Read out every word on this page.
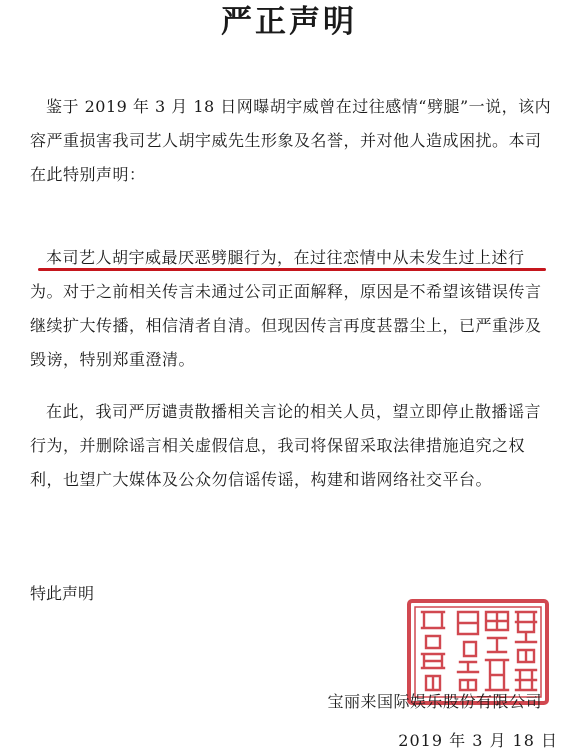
严正声明
鉴于 2019 年 3 月 18 日网曝胡宇威曾在过往感情“劈腿”一说，该内容严重损害我司艺人胡宇威先生形象及名誉，并对他人造成困扰。本司在此特别声明：
本司艺人胡宇威最厌恶劈腿行为，在过往恋情中从未发生过上述行为。对于之前相关传言未通过公司正面解释，原因是不希望该错误传言继续扩大传播，相信清者自清。但现因传言再度甚嚣尘上，已严重涉及毁谤，特别郑重澄清。
在此，我司严厉谴责散播相关言论的相关人员，望立即停止散播谣言行为，并删除谣言相关虚假信息，我司将保留采取法律措施追究之权利，也望广大媒体及公众勿信谣传谣，构建和谐网络社交平台。
特此声明
宝丽来国际娱乐股份有限公司
2019 年 3 月 18 日
